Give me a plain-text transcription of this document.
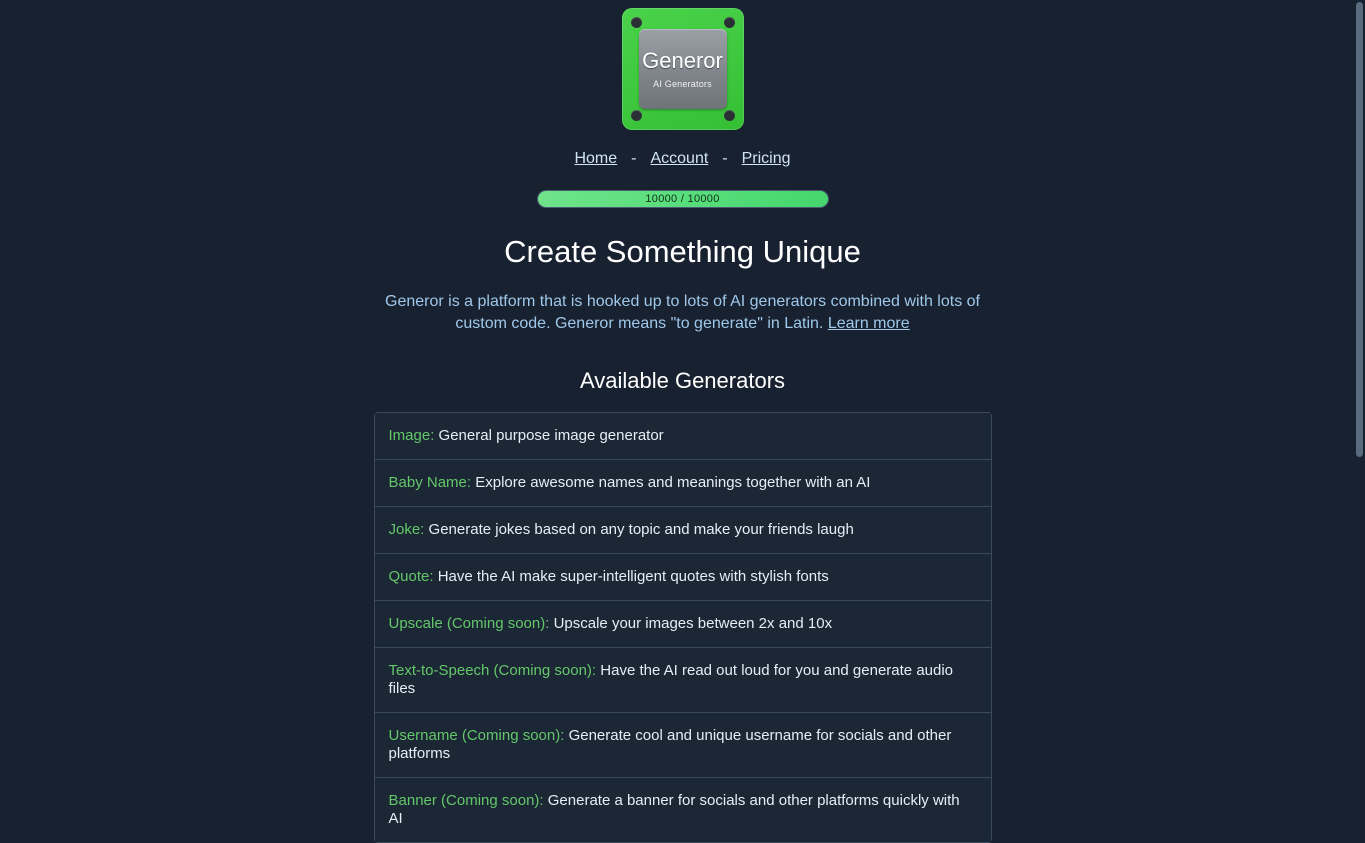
Generor
AI Generators
Home - Account - Pricing
10000 / 10000
Create Something Unique

Generor is a platform that is hooked up to lots of AI generators combined with lots of custom code. Generor means "to generate" in Latin. Learn more

Available Generators
Image: General purpose image generator
Baby Name: Explore awesome names and meanings together with an AI
Joke: Generate jokes based on any topic and make your friends laugh
Quote: Have the AI make super-intelligent quotes with stylish fonts
Upscale (Coming soon): Upscale your images between 2x and 10x
Text-to-Speech (Coming soon): Have the AI read out loud for you and generate audio files
Username (Coming soon): Generate cool and unique username for socials and other platforms
Banner (Coming soon): Generate a banner for socials and other platforms quickly with AI
